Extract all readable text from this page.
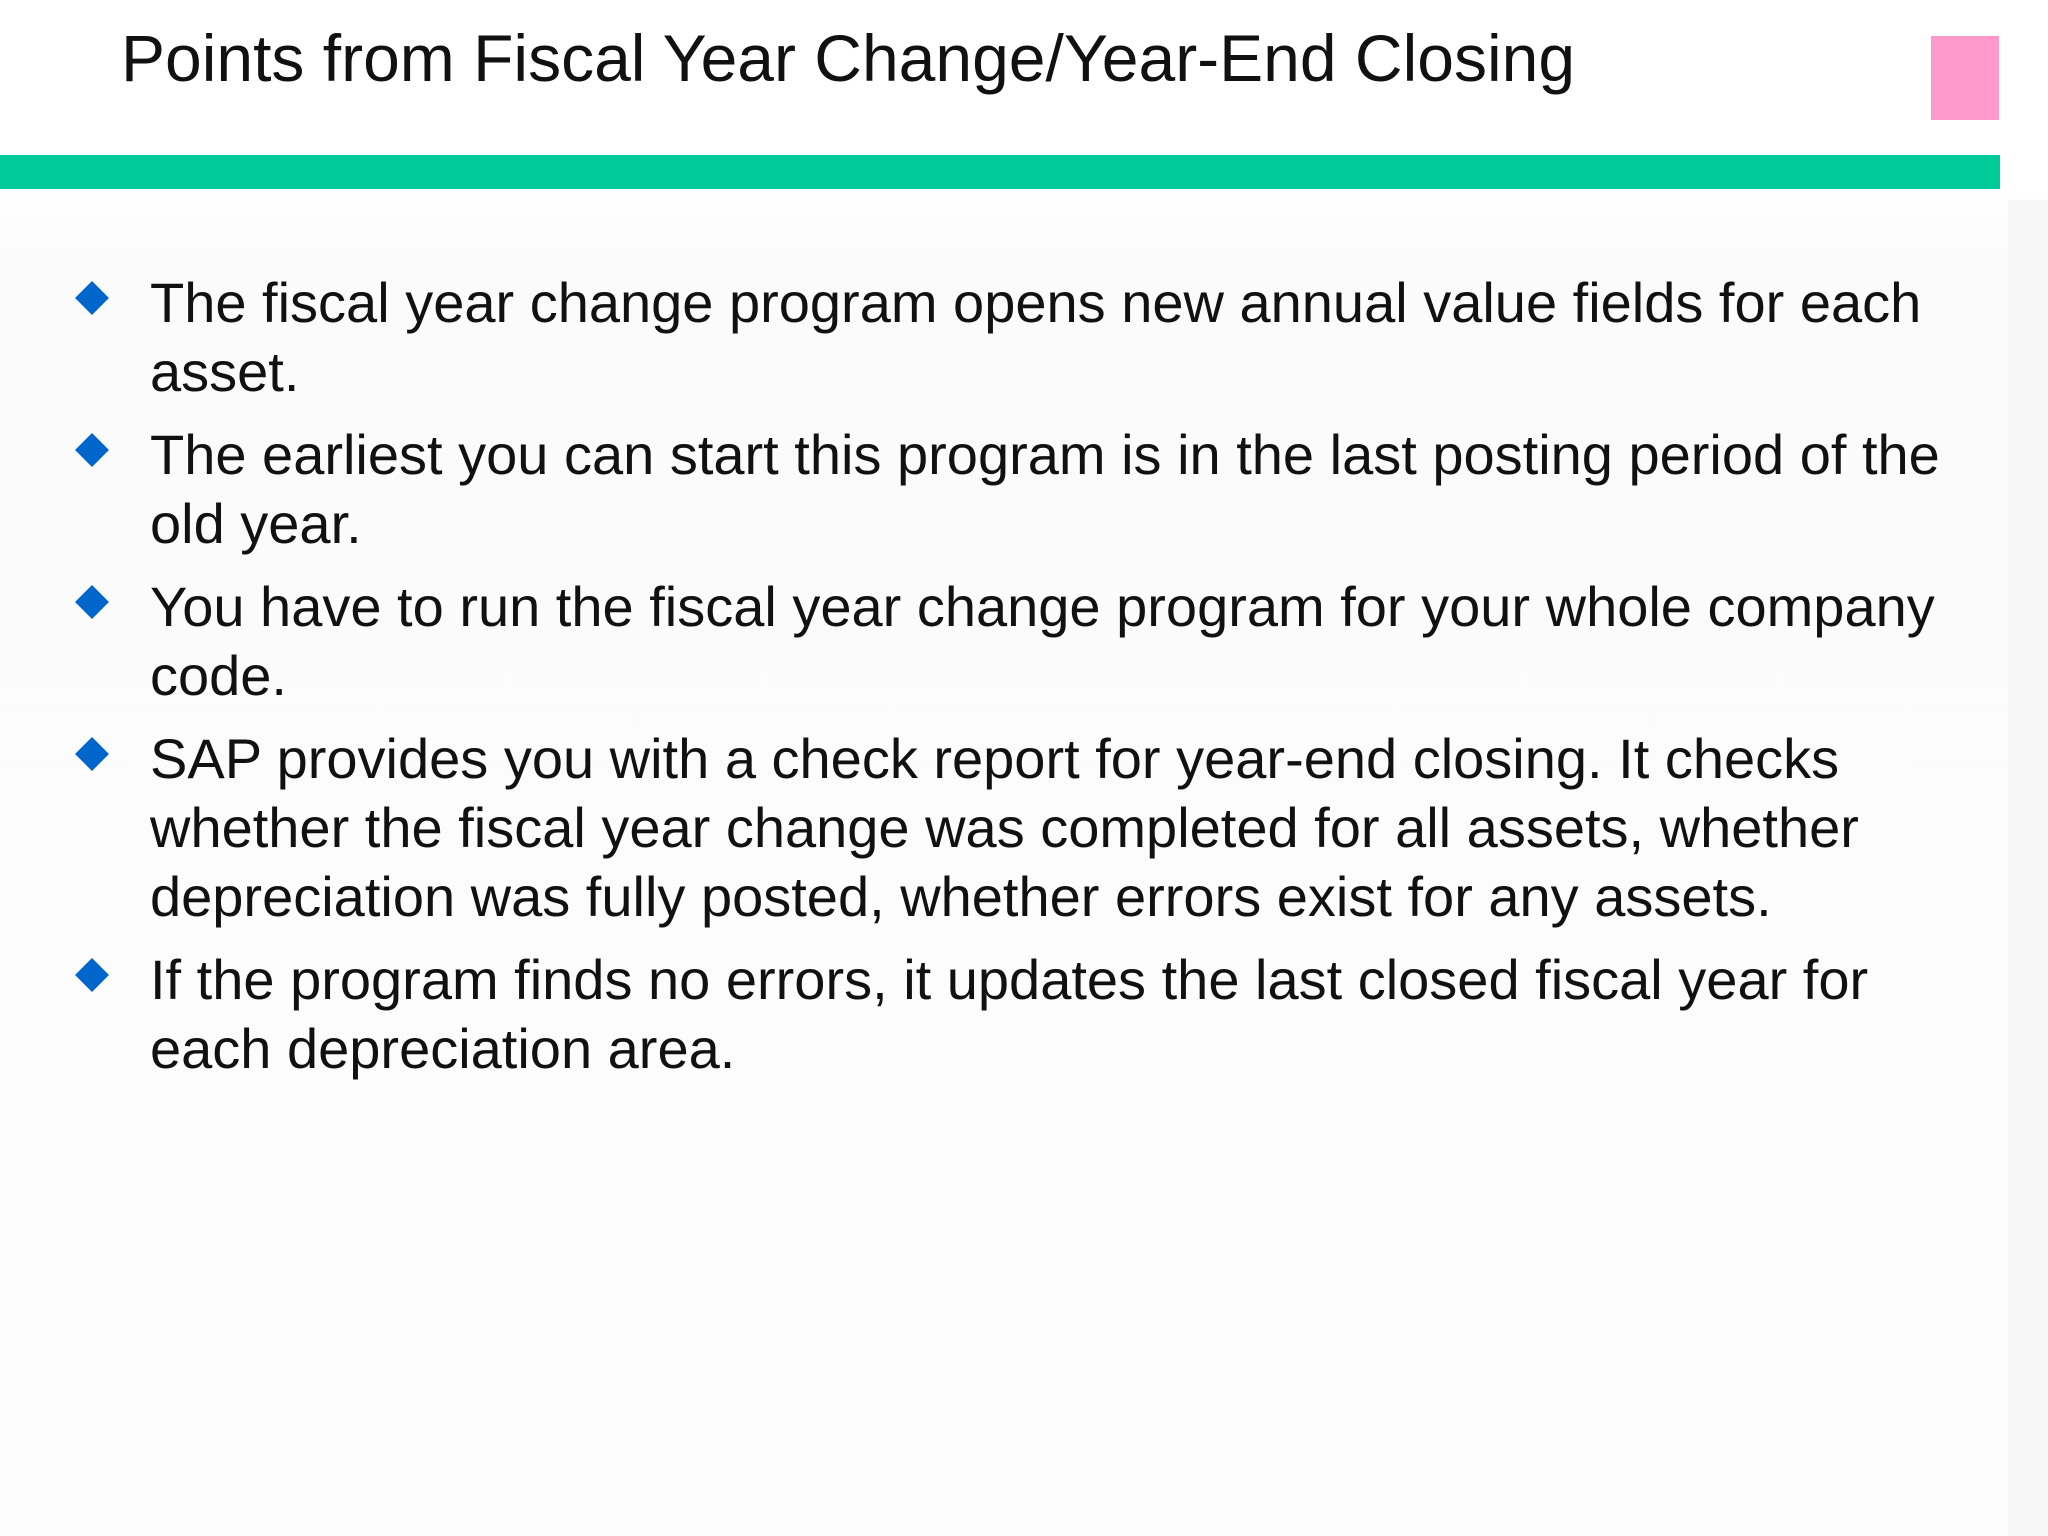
Points from Fiscal Year Change/Year-End Closing
The fiscal year change program opens new annual value fields for each asset.
The earliest you can start this program is in the last posting period of the old year.
You have to run the fiscal year change program for your whole company code.
SAP provides you with a check report for year-end closing. It checks whether the fiscal year change was completed for all assets, whether depreciation was fully posted, whether errors exist for any assets.
If the program finds no errors, it updates the last closed fiscal year for each depreciation area.
